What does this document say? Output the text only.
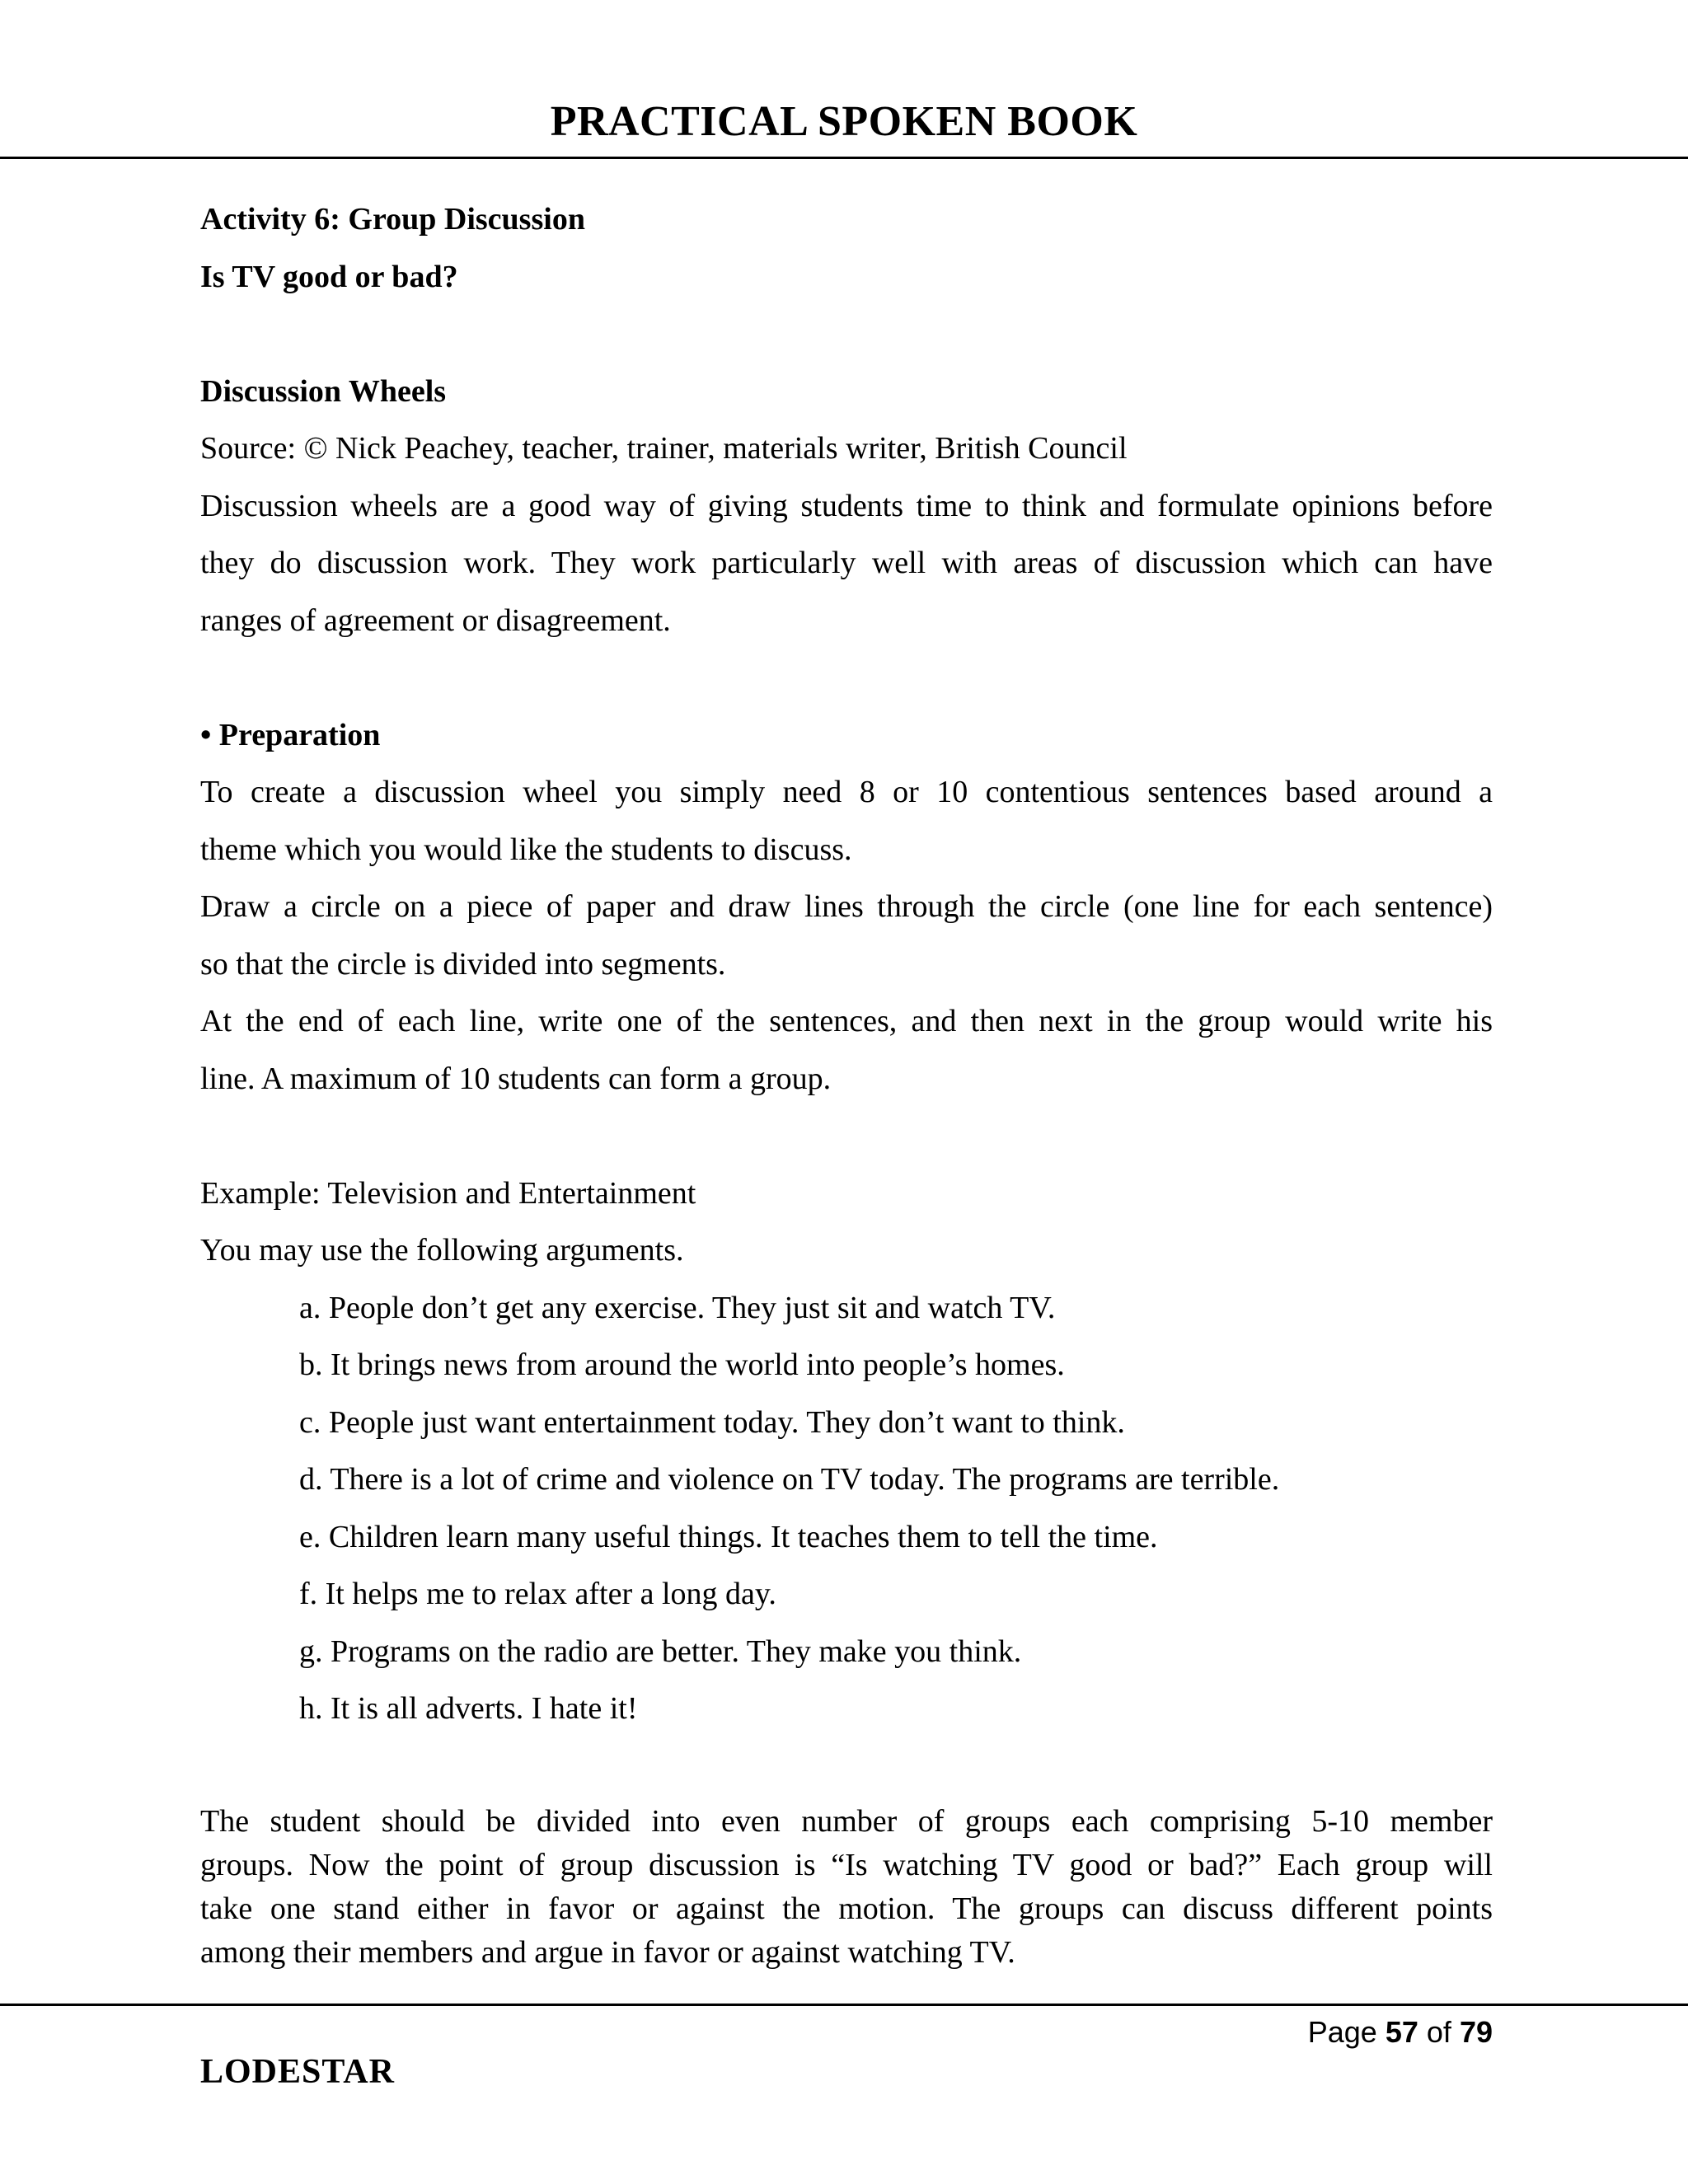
PRACTICAL SPOKEN BOOK
Activity 6: Group Discussion
Is TV good or bad?
Discussion Wheels
Source: © Nick Peachey, teacher, trainer, materials writer, British Council
Discussion wheels are a good way of giving students time to think and formulate opinions before
they do discussion work. They work particularly well with areas of discussion which can have
ranges of agreement or disagreement.
• Preparation
To create a discussion wheel you simply need 8 or 10 contentious sentences based around a
theme which you would like the students to discuss.
Draw a circle on a piece of paper and draw lines through the circle (one line for each sentence)
so that the circle is divided into segments.
At the end of each line, write one of the sentences, and then next in the group would write his
line. A maximum of 10 students can form a group.
Example: Television and Entertainment
You may use the following arguments.
a. People don’t get any exercise. They just sit and watch TV.
b. It brings news from around the world into people’s homes.
c. People just want entertainment today. They don’t want to think.
d. There is a lot of crime and violence on TV today. The programs are terrible.
e. Children learn many useful things. It teaches them to tell the time.
f. It helps me to relax after a long day.
g. Programs on the radio are better. They make you think.
h. It is all adverts. I hate it!
The student should be divided into even number of groups each comprising 5-10 member
groups. Now the point of group discussion is “Is watching TV good or bad?” Each group will
take one stand either in favor or against the motion. The groups can discuss different points
among their members and argue in favor or against watching TV.
Page 57 of 79
LODESTAR
